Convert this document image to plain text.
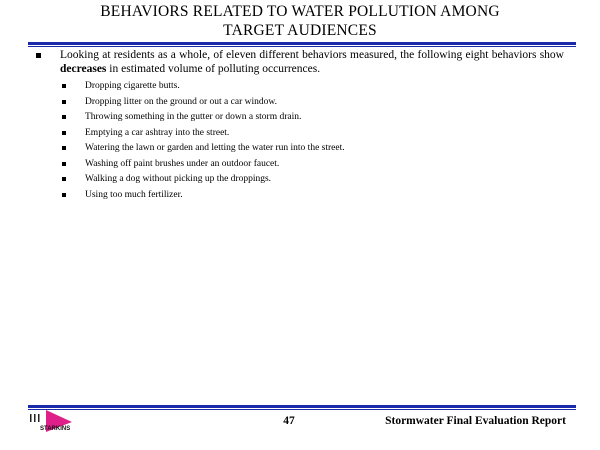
BEHAVIORS RELATED TO WATER POLLUTION AMONG
TARGET AUDIENCES
Looking at residents as a whole, of eleven different behaviors measured, the following eight behaviors show decreases in estimated volume of polluting occurrences.
Dropping cigarette butts.
Dropping litter on the ground or out a car window.
Throwing something in the gutter or down a storm drain.
Emptying a car ashtray into the street.
Watering the lawn or garden and letting the water run into the street.
Washing off paint brushes under an outdoor faucet.
Walking a dog without picking up the droppings.
Using too much fertilizer.
STARKINS
47	Stormwater Final Evaluation Report
